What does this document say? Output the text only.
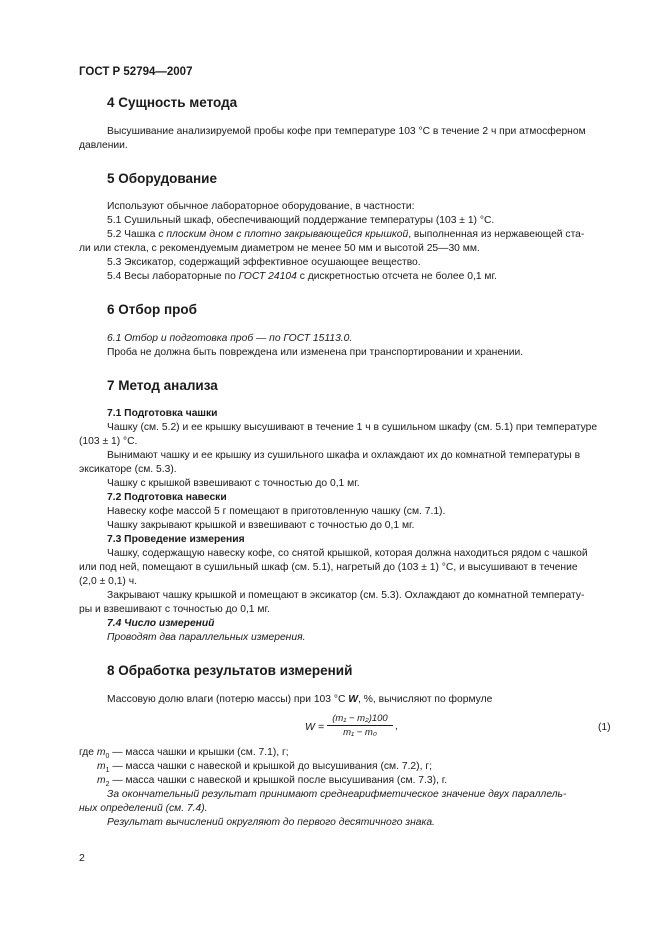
ГОСТ Р 52794—2007
4 Сущность метода
Высушивание анализируемой пробы кофе при температуре 103 °С в течение 2 ч при атмосферном
давлении.
5 Оборудование
Используют обычное лабораторное оборудование, в частности:
5.1 Сушильный шкаф, обеспечивающий поддержание температуры (103 ± 1) °С.
5.2 Чашка с плоским дном с плотно закрывающейся крышкой, выполненная из нержавеющей ста-
ли или стекла, с рекомендуемым диаметром не менее 50 мм и высотой 25—30 мм.
5.3 Эксикатор, содержащий эффективное осушающее вещество.
5.4 Весы лабораторные по ГОСТ 24104 с дискретностью отсчета не более 0,1 мг.
6 Отбор проб
6.1 Отбор и подготовка проб — по ГОСТ 15113.0.
Проба не должна быть повреждена или изменена при транспортировании и хранении.
7 Метод анализа
7.1 Подготовка чашки
Чашку (см. 5.2) и ее крышку высушивают в течение 1 ч в сушильном шкафу (см. 5.1) при температуре
(103 ± 1) °С.
Вынимают чашку и ее крышку из сушильного шкафа и охлаждают их до комнатной температуры в
эксикаторе (см. 5.3).
Чашку с крышкой взвешивают с точностью до 0,1 мг.
7.2 Подготовка навески
Навеску кофе массой 5 г помещают в приготовленную чашку (см. 7.1).
Чашку закрывают крышкой и взвешивают с точностью до 0,1 мг.
7.3 Проведение измерения
Чашку, содержащую навеску кофе, со снятой крышкой, которая должна находиться рядом с чашкой
или под ней, помещают в сушильный шкаф (см. 5.1), нагретый до (103 ± 1) °С, и высушивают в течение
(2,0 ± 0,1) ч.
Закрывают чашку крышкой и помещают в эксикатор (см. 5.3). Охлаждают до комнатной температу-
ры и взвешивают с точностью до 0,1 мг.
7.4 Число измерений
Проводят два параллельных измерения.
8 Обработка результатов измерений
Массовую долю влаги (потерю массы) при 103 °С W, %, вычисляют по формуле
W =
(m₁ − m₂)100
m₁ − m₀
,	(1)
где $m_0$ — масса чашки и крышки (см. 7.1), г;
$m_1$ — масса чашки с навеской и крышкой до высушивания (см. 7.2), г;
$m_2$ — масса чашки с навеской и крышкой после высушивания (см. 7.3), г.
За окончательный результат принимают среднеарифметическое значение двух параллель-
ных определений (см. 7.4).
Результат вычислений округляют до первого десятичного знака.
2
